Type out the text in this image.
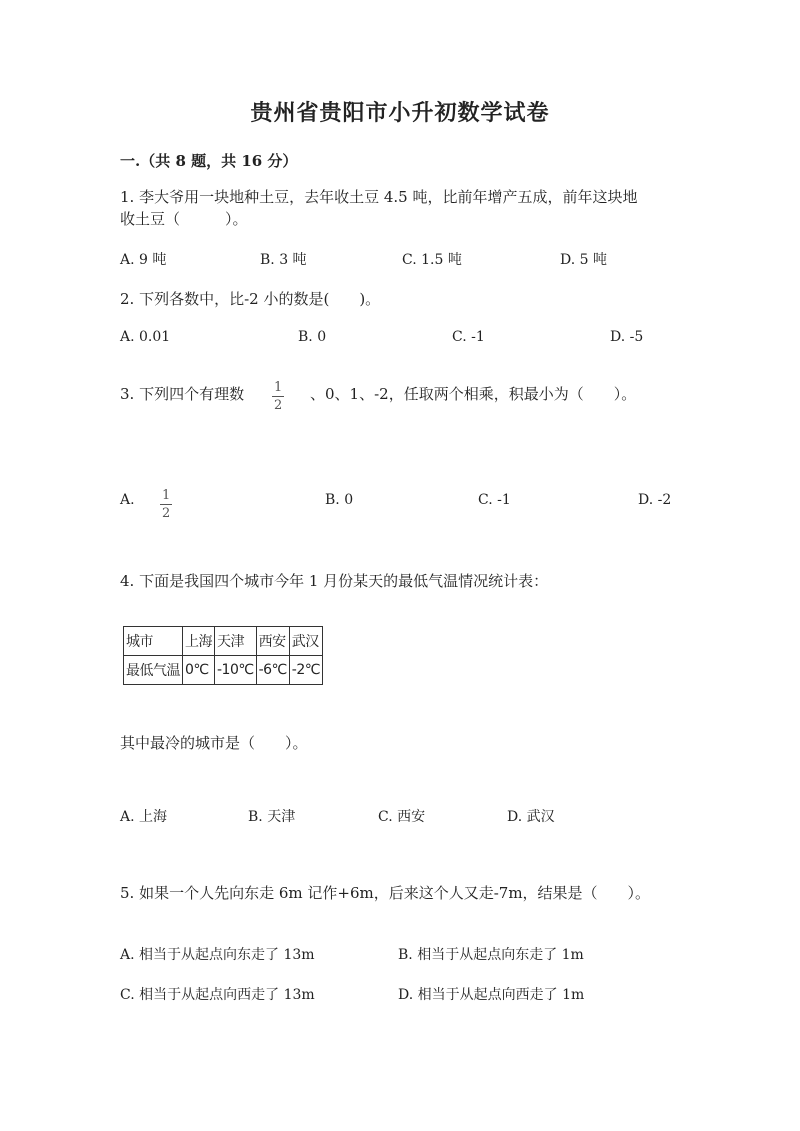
贵州省贵阳市小升初数学试卷
一.（共 8 题，共 16 分）
1. 李大爷用一块地种土豆，去年收土豆 4.5 吨，比前年增产五成，前年这块地
收土豆（　　　）。
A. 9 吨	B. 3 吨	C. 1.5 吨	D. 5 吨
2. 下列各数中，比-2 小的数是(　　)。
A. 0.01	B. 0	C. -1	D. -5
3. 下列四个有理数 $\frac{1}{2}$ 、0、1、-2，任取两个相乘，积最小为（　　）。
A. $\frac{1}{2}$	B. 0	C. -1	D. -2
4. 下面是我国四个城市今年 1 月份某天的最低气温情况统计表：
城市	上海	天津	西安	武汉
最低气温	0℃	-10℃	-6℃	-2℃
其中最冷的城市是（　　）。
A. 上海	B. 天津	C. 西安	D. 武汉
5. 如果一个人先向东走 6m 记作+6m，后来这个人又走-7m，结果是（　　）。
A. 相当于从起点向东走了 13m	B. 相当于从起点向东走了 1m
C. 相当于从起点向西走了 13m	D. 相当于从起点向西走了 1m
